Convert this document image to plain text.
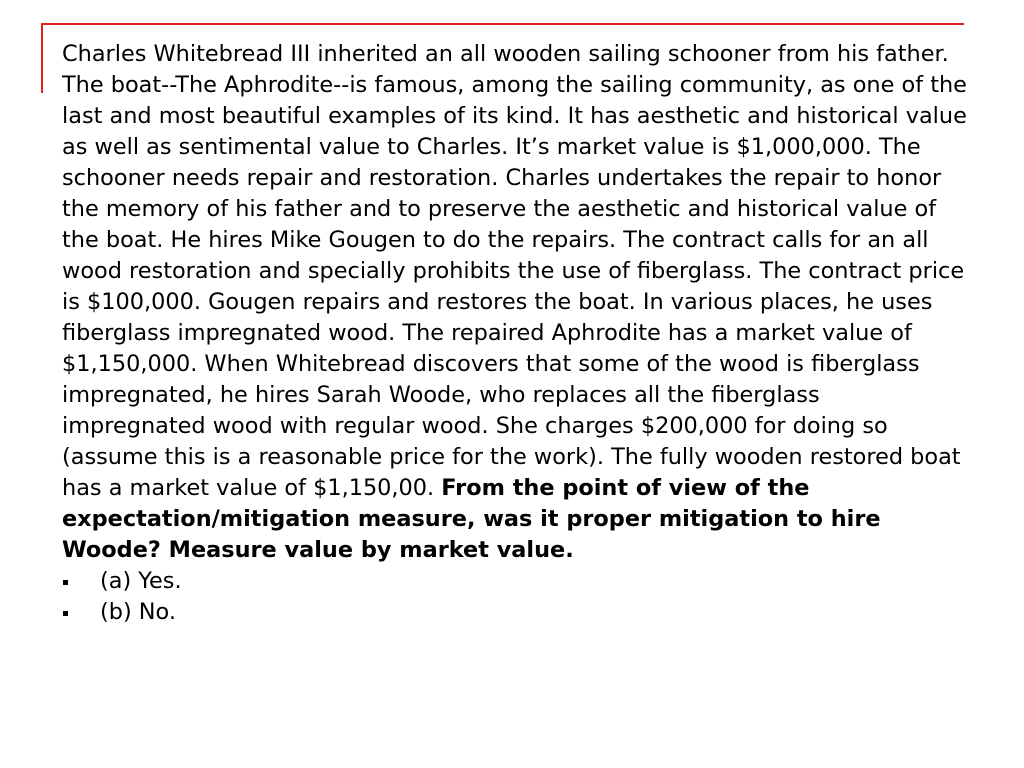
Charles Whitebread III inherited an all wooden sailing schooner from his father. The boat--The Aphrodite--is famous, among the sailing community, as one of the last and most beautiful examples of its kind. It has aesthetic and historical value as well as sentimental value to Charles. It’s market value is $1,000,000. The schooner needs repair and restoration. Charles undertakes the repair to honor the memory of his father and to preserve the aesthetic and historical value of the boat. He hires Mike Gougen to do the repairs. The contract calls for an all wood restoration and specially prohibits the use of fiberglass. The contract price is $100,000. Gougen repairs and restores the boat. In various places, he uses fiberglass impregnated wood. The repaired Aphrodite has a market value of $1,150,000. When Whitebread discovers that some of the wood is fiberglass impregnated, he hires Sarah Woode, who replaces all the fiberglass impregnated wood with regular wood. She charges $200,000 for doing so (assume this is a reasonable price for the work). The fully wooden restored boat has a market value of $1,150,00. From the point of view of the expectation/mitigation measure, was it proper mitigation to hire Woode? Measure value by market value.

(a) Yes.
(b) No.
